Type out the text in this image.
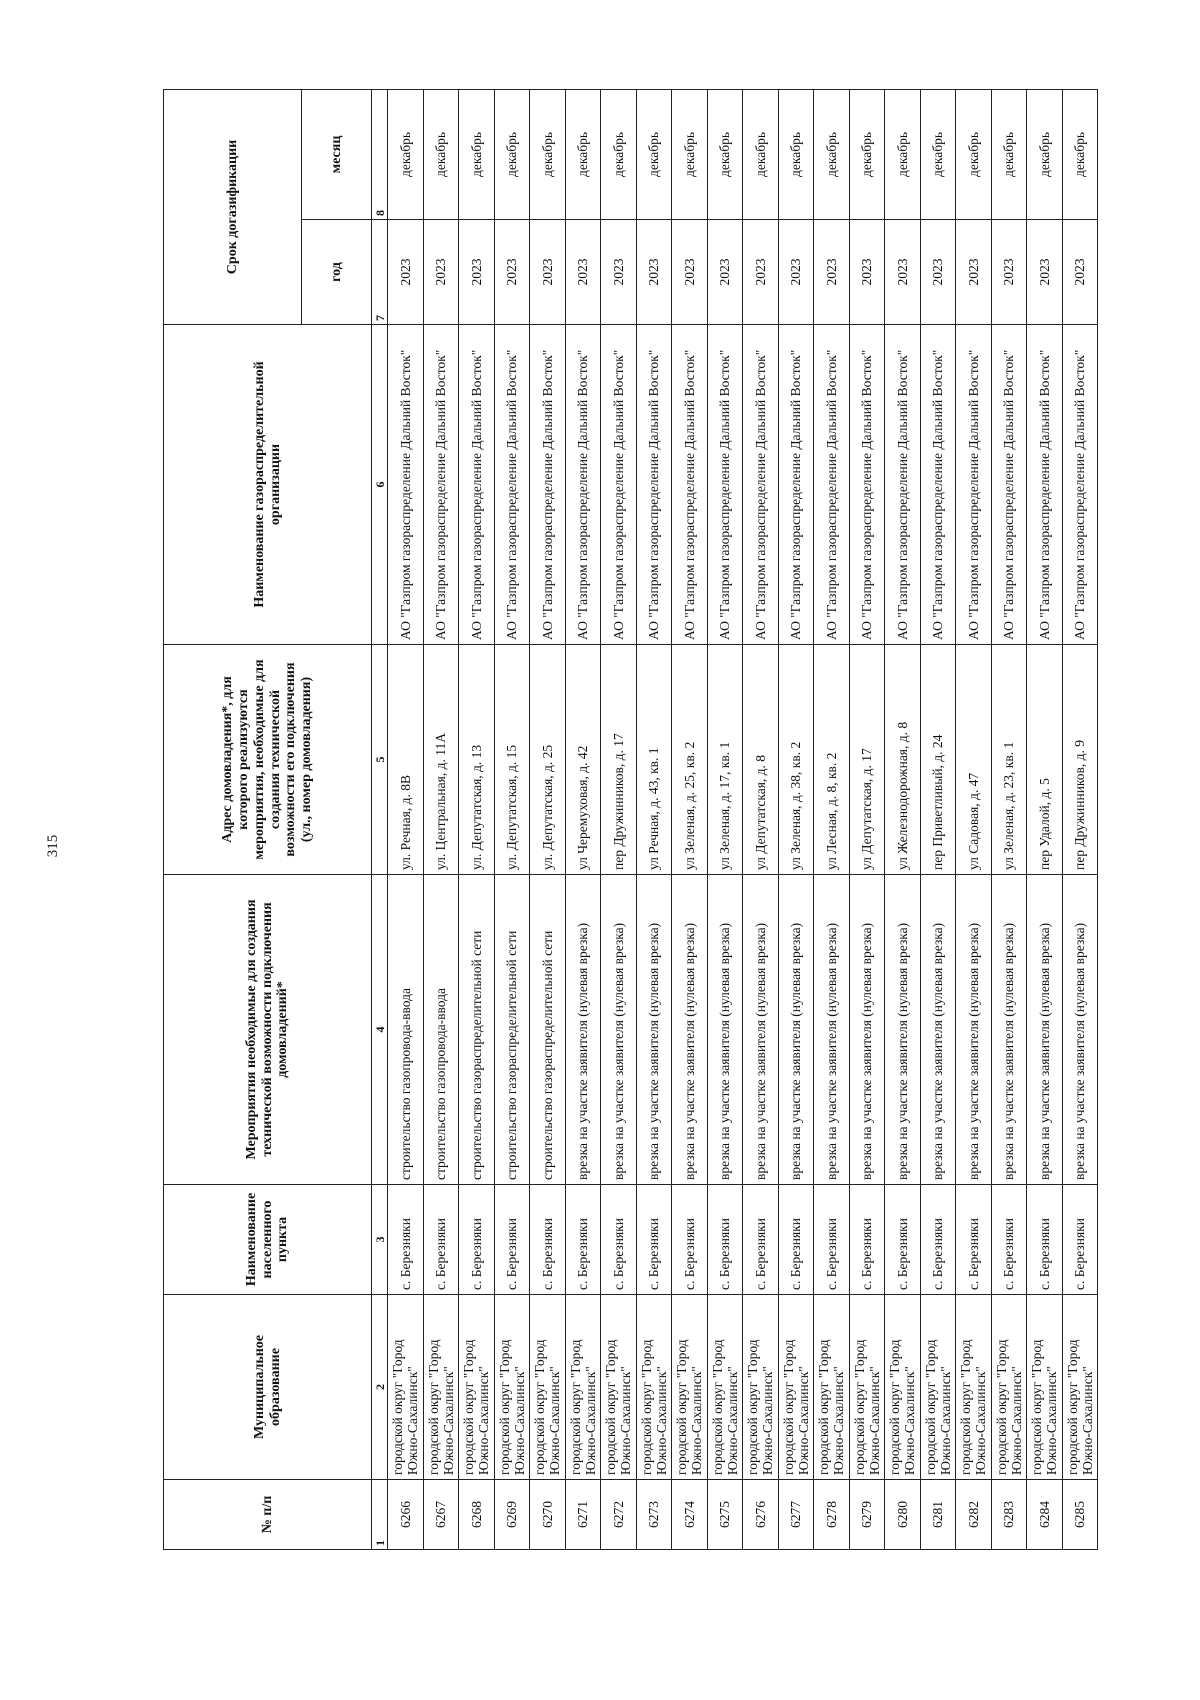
315
№ п/п	Муниципальное образование	Наименование населенного пункта	Мероприятия необходимые для создания технической возможности подключения домовладений*	Адрес домовладения*, для которого реализуются мероприятия, необходимые для создания технической возможности его подключения (ул., номер домовладения)	Наименование газораспределительной организации	Срок догазификации	
						год	месяц
1	2	3	4	5	6	7	8
6266	городской округ "Город Южно-Сахалинск"	с. Березняки	строительство газопровода-ввода	ул. Речная, д. 8В	АО "Газпром газораспределение Дальний Восток"	2023	декабрь
6267	городской округ "Город Южно-Сахалинск"	с. Березняки	строительство газопровода-ввода	ул. Центральная, д. 11А	АО "Газпром газораспределение Дальний Восток"	2023	декабрь
6268	городской округ "Город Южно-Сахалинск"	с. Березняки	строительство газораспределительной сети	ул. Депутатская, д. 13	АО "Газпром газораспределение Дальний Восток"	2023	декабрь
6269	городской округ "Город Южно-Сахалинск"	с. Березняки	строительство газораспределительной сети	ул. Депутатская, д. 15	АО "Газпром газораспределение Дальний Восток"	2023	декабрь
6270	городской округ "Город Южно-Сахалинск"	с. Березняки	строительство газораспределительной сети	ул. Депутатская, д. 25	АО "Газпром газораспределение Дальний Восток"	2023	декабрь
6271	городской округ "Город Южно-Сахалинск"	с. Березняки	врезка на участке заявителя (нулевая врезка)	ул Черемуховая, д. 42	АО "Газпром газораспределение Дальний Восток"	2023	декабрь
6272	городской округ "Город Южно-Сахалинск"	с. Березняки	врезка на участке заявителя (нулевая врезка)	пер Дружинников, д. 17	АО "Газпром газораспределение Дальний Восток"	2023	декабрь
6273	городской округ "Город Южно-Сахалинск"	с. Березняки	врезка на участке заявителя (нулевая врезка)	ул Речная, д. 43, кв. 1	АО "Газпром газораспределение Дальний Восток"	2023	декабрь
6274	городской округ "Город Южно-Сахалинск"	с. Березняки	врезка на участке заявителя (нулевая врезка)	ул Зеленая, д. 25, кв. 2	АО "Газпром газораспределение Дальний Восток"	2023	декабрь
6275	городской округ "Город Южно-Сахалинск"	с. Березняки	врезка на участке заявителя (нулевая врезка)	ул Зеленая, д. 17, кв. 1	АО "Газпром газораспределение Дальний Восток"	2023	декабрь
6276	городской округ "Город Южно-Сахалинск"	с. Березняки	врезка на участке заявителя (нулевая врезка)	ул Депутатская, д. 8	АО "Газпром газораспределение Дальний Восток"	2023	декабрь
6277	городской округ "Город Южно-Сахалинск"	с. Березняки	врезка на участке заявителя (нулевая врезка)	ул Зеленая, д. 38, кв. 2	АО "Газпром газораспределение Дальний Восток"	2023	декабрь
6278	городской округ "Город Южно-Сахалинск"	с. Березняки	врезка на участке заявителя (нулевая врезка)	ул Лесная, д. 8, кв. 2	АО "Газпром газораспределение Дальний Восток"	2023	декабрь
6279	городской округ "Город Южно-Сахалинск"	с. Березняки	врезка на участке заявителя (нулевая врезка)	ул Депутатская, д. 17	АО "Газпром газораспределение Дальний Восток"	2023	декабрь
6280	городской округ "Город Южно-Сахалинск"	с. Березняки	врезка на участке заявителя (нулевая врезка)	ул Железнодорожная, д. 8	АО "Газпром газораспределение Дальний Восток"	2023	декабрь
6281	городской округ "Город Южно-Сахалинск"	с. Березняки	врезка на участке заявителя (нулевая врезка)	пер Приветливый, д. 24	АО "Газпром газораспределение Дальний Восток"	2023	декабрь
6282	городской округ "Город Южно-Сахалинск"	с. Березняки	врезка на участке заявителя (нулевая врезка)	ул Садовая, д. 47	АО "Газпром газораспределение Дальний Восток"	2023	декабрь
6283	городской округ "Город Южно-Сахалинск"	с. Березняки	врезка на участке заявителя (нулевая врезка)	ул Зеленая, д. 23, кв. 1	АО "Газпром газораспределение Дальний Восток"	2023	декабрь
6284	городской округ "Город Южно-Сахалинск"	с. Березняки	врезка на участке заявителя (нулевая врезка)	пер Удалой, д. 5	АО "Газпром газораспределение Дальний Восток"	2023	декабрь
6285	городской округ "Город Южно-Сахалинск"	с. Березняки	врезка на участке заявителя (нулевая врезка)	пер Дружинников, д. 9	АО "Газпром газораспределение Дальний Восток"	2023	декабрь
